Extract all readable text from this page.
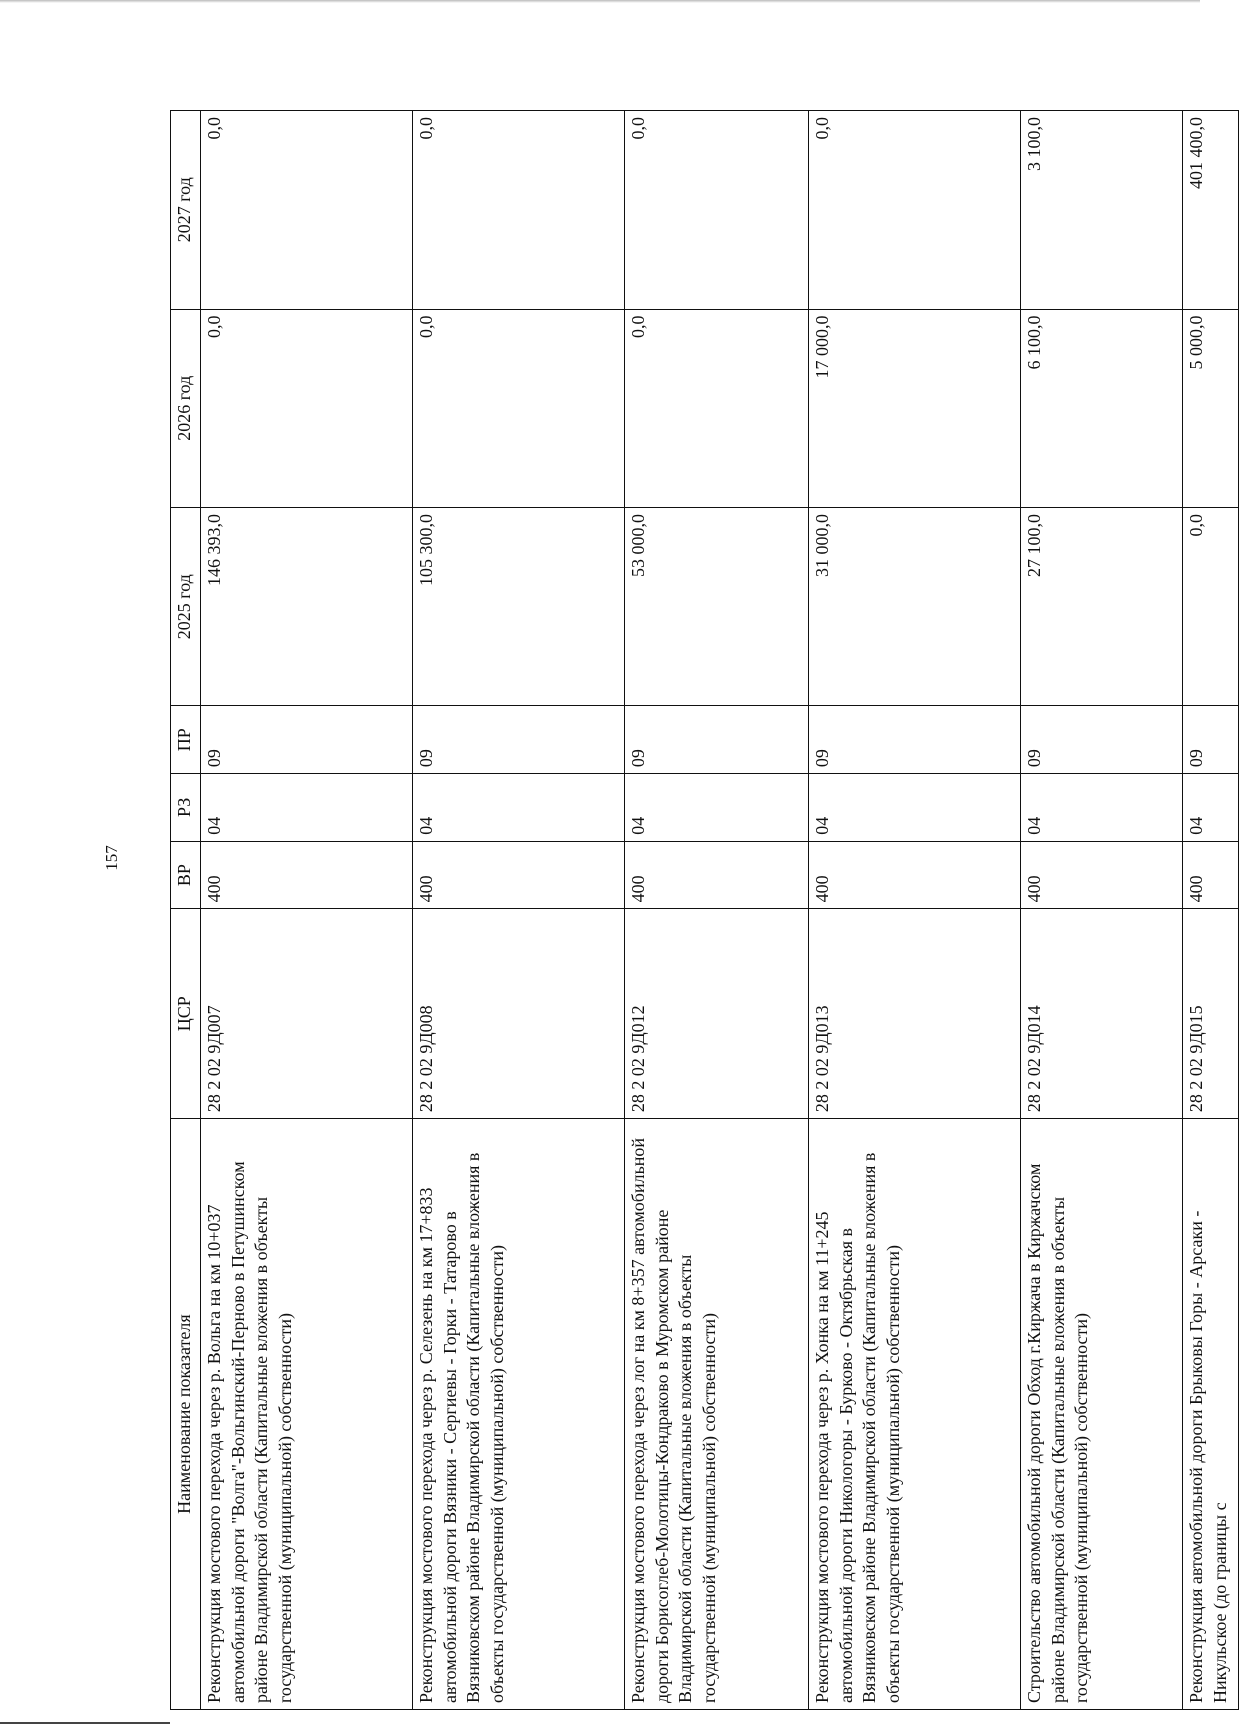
157
Наименование показателя	ЦСР	ВР	РЗ	ПР	2025 год	2026 год	2027 год
Реконструкция мостового перехода через р. Вольга на км 10+037 автомобильной дороги "Волга"-Вольгинский-Перново в Петушинском районе Владимирской области (Капитальные вложения в объекты государственной (муниципальной) собственности)	28 2 02 9Д007	400	04	09	146 393,0	0,0	0,0
Реконструкция мостового перехода через р. Селезень на км 17+833 автомобильной дороги Вязники - Сергиевы - Горки - Татарово в Вязниковском районе Владимирской области (Капитальные вложения в объекты государственной (муниципальной) собственности)	28 2 02 9Д008	400	04	09	105 300,0	0,0	0,0
Реконструкция мостового перехода через лог на км 8+357 автомобильной дороги Борисоглеб-Молотицы-Кондраково в Муромском районе Владимирской области (Капитальные вложения в объекты государственной (муниципальной) собственности)	28 2 02 9Д012	400	04	09	53 000,0	0,0	0,0
Реконструкция мостового перехода через р. Хонка на км 11+245 автомобильной дороги Никологоры - Бурково - Октябрьская в Вязниковском районе Владимирской области (Капитальные вложения в объекты государственной (муниципальной) собственности)	28 2 02 9Д013	400	04	09	31 000,0	17 000,0	0,0
Строительство автомобильной дороги Обход г.Киржача в Киржачском районе Владимирской области (Капитальные вложения в объекты государственной (муниципальной) собственности)	28 2 02 9Д014	400	04	09	27 100,0	6 100,0	3 100,0
Реконструкция автомобильной дороги Брыковы Горы - Арсаки - Никульское (до границы с	28 2 02 9Д015	400	04	09	0,0	5 000,0	401 400,0
